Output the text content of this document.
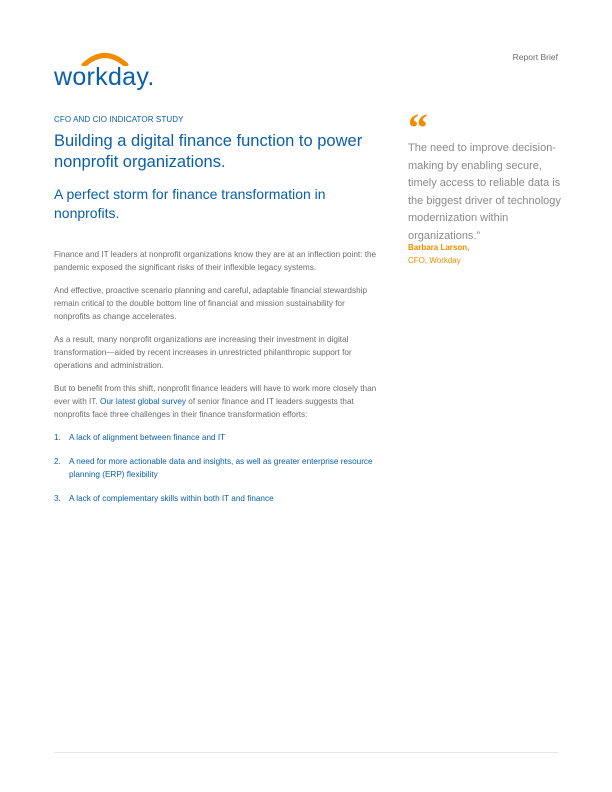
workday.
Report Brief
CFO AND CIO INDICATOR STUDY
Building a digital finance function to power nonprofit organizations.
A perfect storm for finance transformation in nonprofits.

Finance and IT leaders at nonprofit organizations know they are at an inflection point: the pandemic exposed the significant risks of their inflexible legacy systems.

And effective, proactive scenario planning and careful, adaptable financial stewardship remain critical to the double bottom line of financial and mission sustainability for nonprofits as change accelerates.

As a result, many nonprofit organizations are increasing their investment in digital transformation—aided by recent increases in unrestricted philanthropic support for operations and administration.

But to benefit from this shift, nonprofit finance leaders will have to work more closely than ever with IT. Our latest global survey of senior finance and IT leaders suggests that nonprofits face three challenges in their finance transformation efforts:

1. A lack of alignment between finance and IT
2. A need for more actionable data and insights, as well as greater enterprise resource planning (ERP) flexibility
3. A lack of complementary skills within both IT and finance
“
The need to improve decision-making by enabling secure, timely access to reliable data is the biggest driver of technology modernization within organizations.”
Barbara Larson,
CFO, Workday
